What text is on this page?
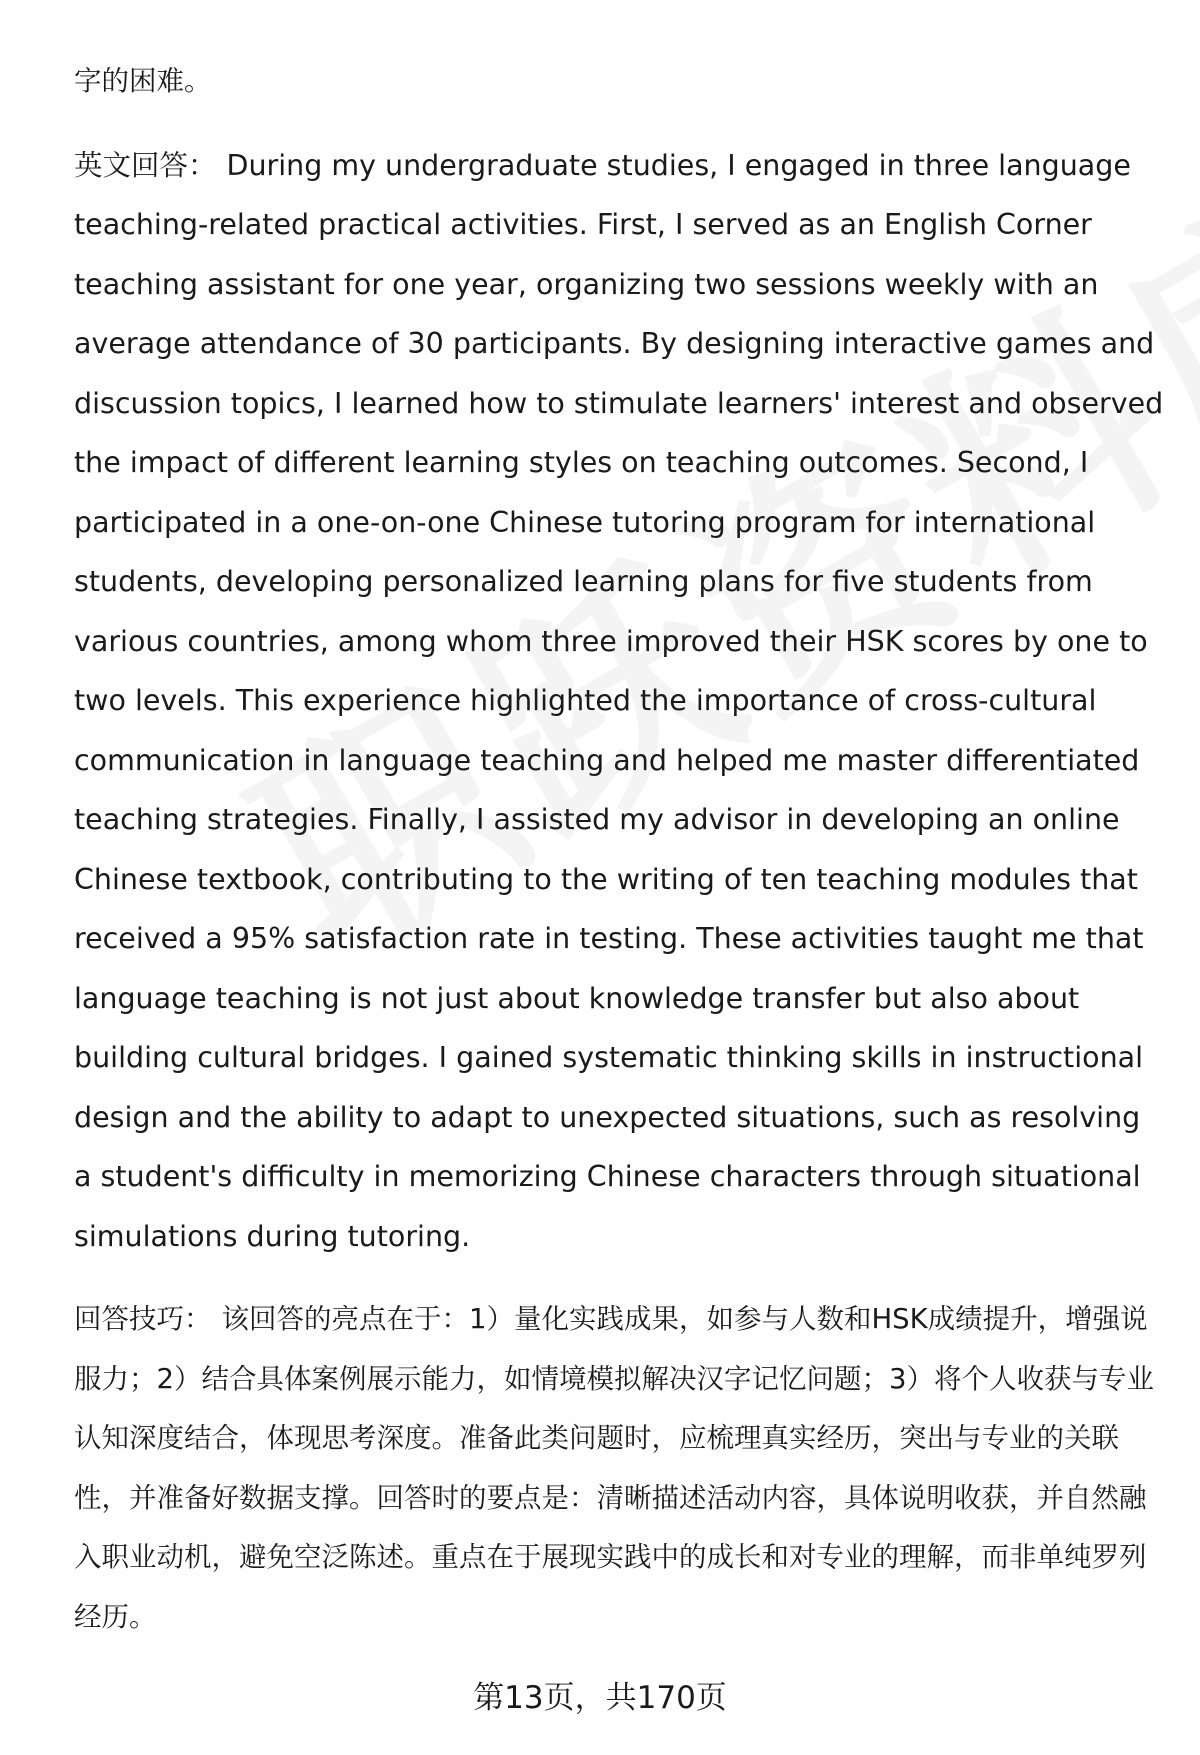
字的困难。

英文回答： During my undergraduate studies, I engaged in three language teaching-related practical activities. First, I served as an English Corner teaching assistant for one year, organizing two sessions weekly with an average attendance of 30 participants. By designing interactive games and discussion topics, I learned how to stimulate learners' interest and observed the impact of different learning styles on teaching outcomes. Second, I participated in a one-on-one Chinese tutoring program for international students, developing personalized learning plans for five students from various countries, among whom three improved their HSK scores by one to two levels. This experience highlighted the importance of cross-cultural communication in language teaching and helped me master differentiated teaching strategies. Finally, I assisted my advisor in developing an online Chinese textbook, contributing to the writing of ten teaching modules that received a 95% satisfaction rate in testing. These activities taught me that language teaching is not just about knowledge transfer but also about building cultural bridges. I gained systematic thinking skills in instructional design and the ability to adapt to unexpected situations, such as resolving a student's difficulty in memorizing Chinese characters through situational simulations during tutoring.

回答技巧： 该回答的亮点在于：1）量化实践成果，如参与人数和HSK成绩提升，增强说服力；2）结合具体案例展示能力，如情境模拟解决汉字记忆问题；3）将个人收获与专业认知深度结合，体现思考深度。准备此类问题时，应梳理真实经历，突出与专业的关联性，并准备好数据支撑。回答时的要点是：清晰描述活动内容，具体说明收获，并自然融入职业动机，避免空泛陈述。重点在于展现实践中的成长和对专业的理解，而非单纯罗列经历。

第13页，共170页
